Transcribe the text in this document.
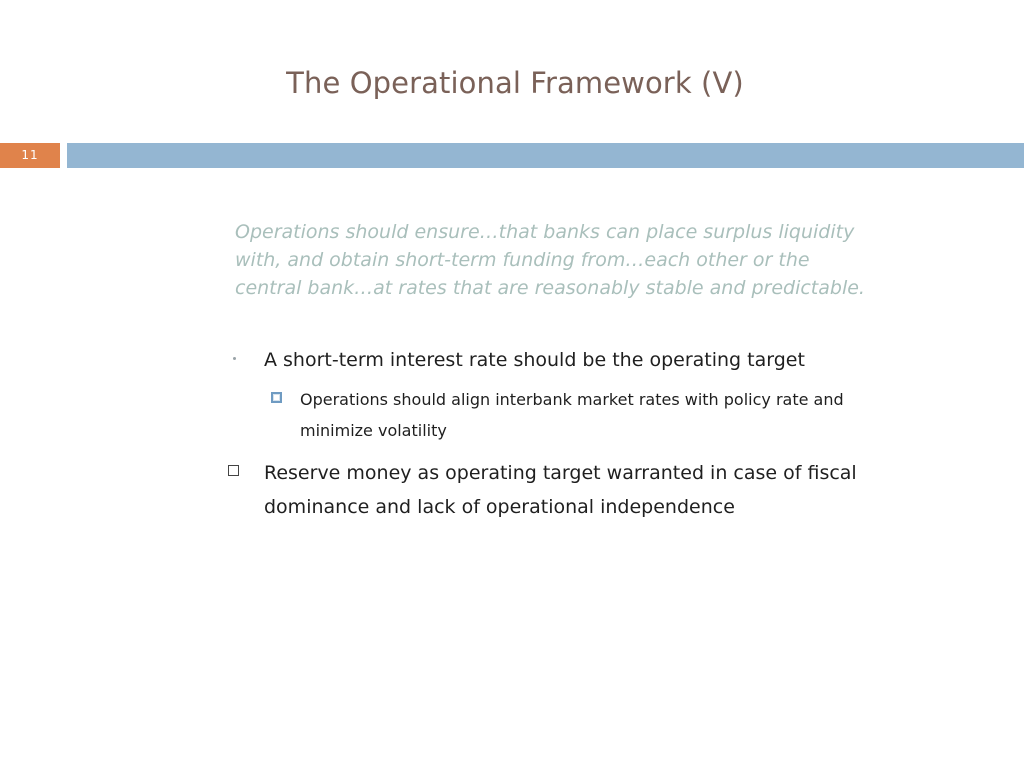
The Operational Framework (V)
11
Operations should ensure…that banks can place surplus liquidity with, and obtain short-term funding from…each other or the central bank…at rates that are reasonably stable and predictable.
A short-term interest rate should be the operating target
Operations should align interbank market rates with policy rate and minimize volatility
Reserve money as operating target warranted in case of fiscal dominance and lack of operational independence
